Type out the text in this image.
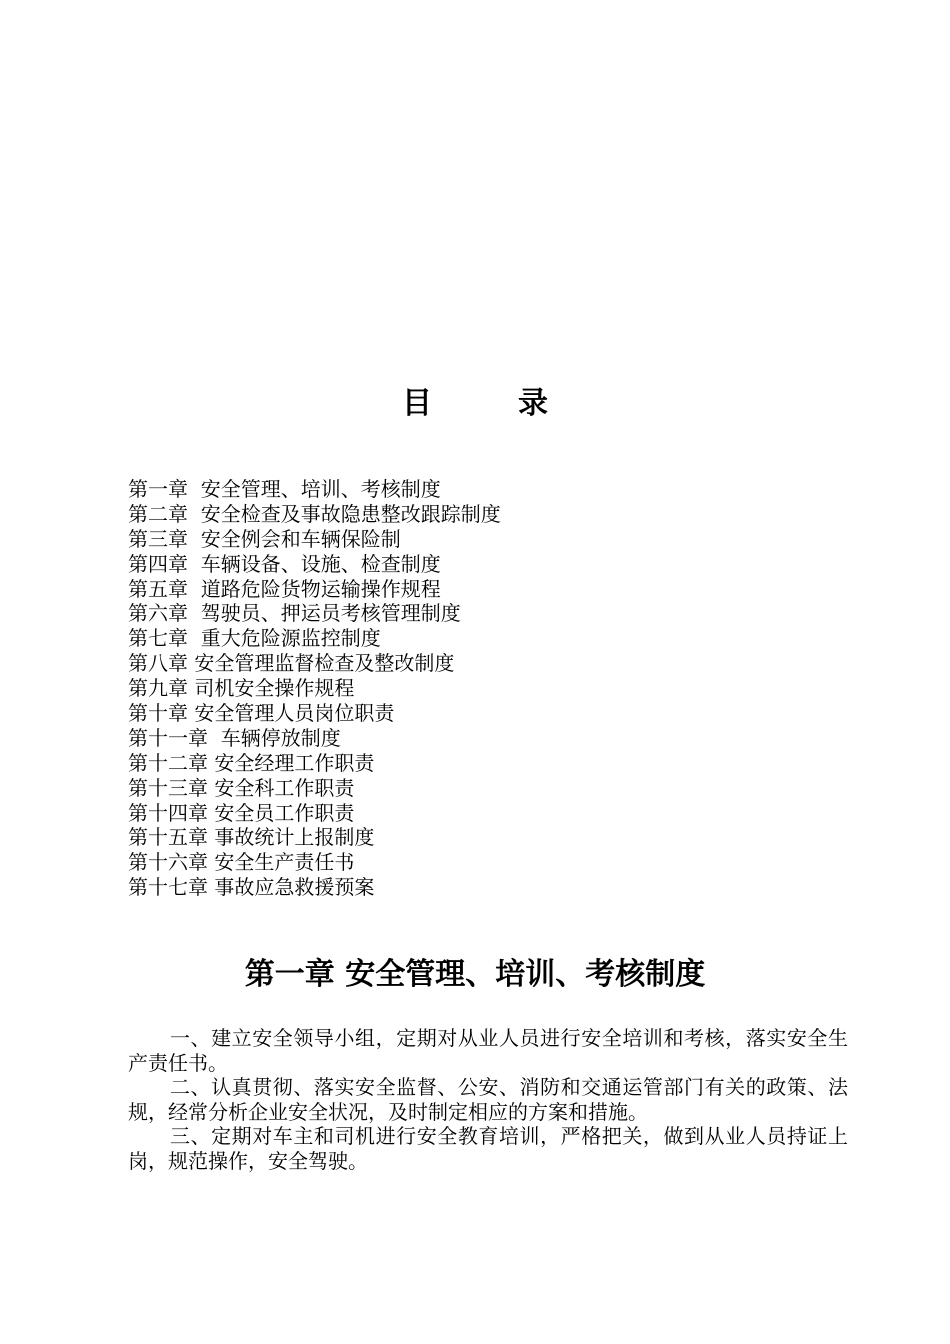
目　录
第一章  安全管理、培训、考核制度
第二章  安全检查及事故隐患整改跟踪制度
第三章  安全例会和车辆保险制
第四章  车辆设备、设施、检查制度
第五章  道路危险货物运输操作规程
第六章  驾驶员、押运员考核管理制度
第七章  重大危险源监控制度
第八章 安全管理监督检查及整改制度
第九章 司机安全操作规程
第十章 安全管理人员岗位职责
第十一章  车辆停放制度
第十二章 安全经理工作职责
第十三章 安全科工作职责
第十四章 安全员工作职责
第十五章 事故统计上报制度
第十六章 安全生产责任书
第十七章 事故应急救援预案
第一章 安全管理、培训、考核制度

一、建立安全领导小组，定期对从业人员进行安全培训和考核，落实安全生产责任书。

二、认真贯彻、落实安全监督、公安、消防和交通运管部门有关的政策、法规，经常分析企业安全状况，及时制定相应的方案和措施。

三、定期对车主和司机进行安全教育培训，严格把关，做到从业人员持证上岗，规范操作，安全驾驶。
